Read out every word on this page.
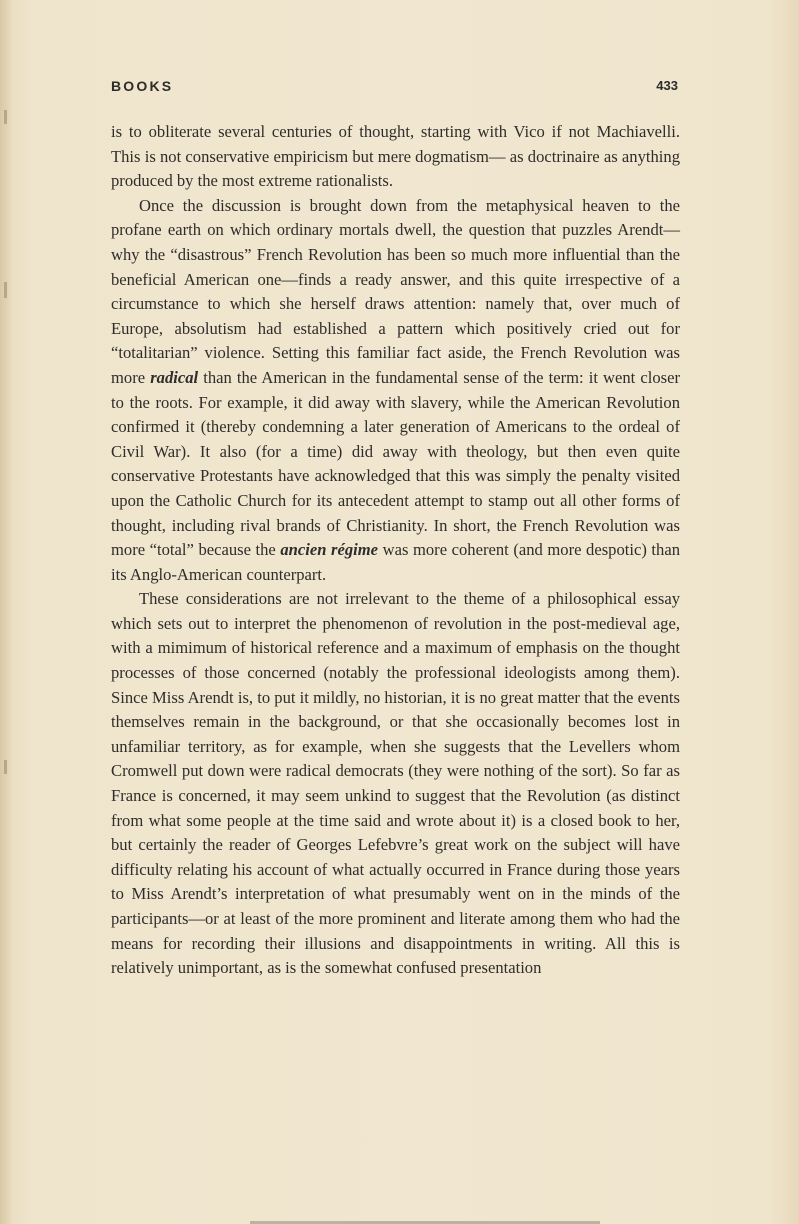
BOOKS	433

is to obliterate several centuries of thought, starting with Vico if not Machiavelli. This is not conservative empiricism but mere dogmatism— as doctrinaire as anything produced by the most extreme rationalists.

Once the discussion is brought down from the metaphysical heaven to the profane earth on which ordinary mortals dwell, the question that puzzles Arendt—why the “disastrous” French Revolution has been so much more influential than the beneficial American one—finds a ready answer, and this quite irrespective of a circumstance to which she herself draws attention: namely that, over much of Europe, absolutism had established a pattern which positively cried out for “totalitarian” violence. Setting this familiar fact aside, the French Revolution was more radical than the American in the fundamental sense of the term: it went closer to the roots. For example, it did away with slavery, while the American Revolution confirmed it (thereby condemning a later generation of Americans to the ordeal of Civil War). It also (for a time) did away with theology, but then even quite conservative Protestants have acknowledged that this was simply the penalty visited upon the Catholic Church for its antecedent attempt to stamp out all other forms of thought, including rival brands of Christianity. In short, the French Revolution was more “total” because the ancien régime was more coherent (and more despotic) than its Anglo-American counterpart.

These considerations are not irrelevant to the theme of a philosophical essay which sets out to interpret the phenomenon of revolution in the post-medieval age, with a mimimum of historical reference and a maximum of emphasis on the thought processes of those concerned (notably the professional ideologists among them). Since Miss Arendt is, to put it mildly, no historian, it is no great matter that the events themselves remain in the background, or that she occasionally becomes lost in unfamiliar territory, as for example, when she suggests that the Levellers whom Cromwell put down were radical democrats (they were nothing of the sort). So far as France is concerned, it may seem unkind to suggest that the Revolution (as distinct from what some people at the time said and wrote about it) is a closed book to her, but certainly the reader of Georges Lefebvre’s great work on the subject will have difficulty relating his account of what actually occurred in France during those years to Miss Arendt’s interpretation of what presumably went on in the minds of the participants—or at least of the more prominent and literate among them who had the means for recording their illusions and disappointments in writing. All this is relatively unimportant, as is the somewhat confused presentation
